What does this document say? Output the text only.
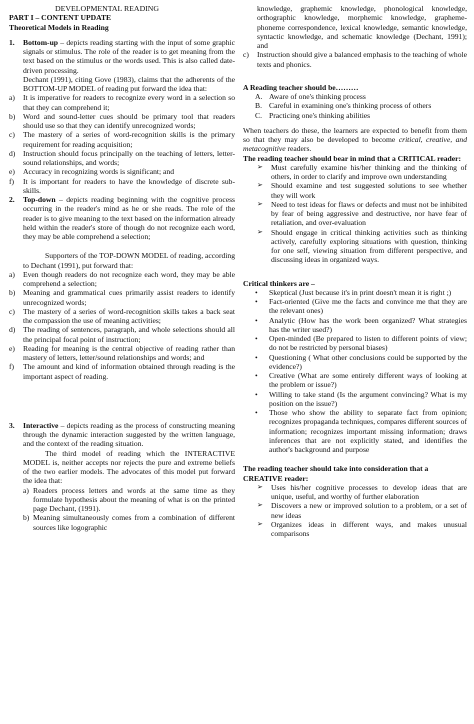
DEVELOPMENTAL READING

PART I – CONTENT UPDATE

Theoretical Models in Reading

1.	Bottom-up – depicts reading starting with the input of some graphic signals or stimulus. The role of the reader is to get meaning from the text based on the stimulus or the words used. This is also called date-driven processing.

Dechant (1991), citing Gove (1983), claims that the adherents of the BOTTOM-UP MODEL of reading put forward the idea that:

a)	It is imperative for readers to recognize every word in a selection so that they can comprehend it;
b)	Word and sound-letter cues should be primary tool that readers should use so that they can identify unrecognized words;
c)	The mastery of a series of word-recognition skills is the primary requirement for reading acquisition;
d)	Instruction should focus principally on the teaching of letters, letter-sound relationships, and words;
e)	Accuracy in recognizing words is significant; and
f)	It is important for readers to have the knowledge of discrete sub-skills.
2.	Top-down – depicts reading beginning with the cognitive process occurring in the reader's mind as he or she reads. The role of the reader is to give meaning to the text based on the information already held within the reader's store of though do not recognize each word, they may be able comprehend a selection;

Supporters of the TOP-DOWN MODEL of reading, according to Dechant (1991), put forward that:

a)	Even though readers do not recognize each word, they may be able comprehend a selection;
b)	Meaning and grammatical cues primarily assist readers to identify unrecognized words;
c)	The mastery of a series of word-recognition skills takes a back seat the compassion the use of meaning activities;
d)	The reading of sentences, paragraph, and whole selections should all the principal focal point of instruction;
e)	Reading for meaning is the central objective of reading rather than mastery of letters, letter/sound relationships and words; and
f)	The amount and kind of information obtained through reading is the important aspect of reading.
3.	Interactive – depicts reading as the process of constructing meaning through the dynamic interaction suggested by the written language, and the context of the reading situation.

The third model of reading which the INTERACTIVE MODEL is, neither accepts nor rejects the pure and extreme beliefs of the two earlier models. The advocates of this model put forward the idea that:

a) Readers process letters and words at the same time as they formulate hypothesis about the meaning of what is on the printed page Dechant, (1991).
b) Meaning simultaneously comes from a combination of different sources like logographic

knowledge, graphemic knowledge, phonological knowledge, orthographic knowledge, morphemic knowledge, grapheme-phoneme correspondence, lexical knowledge, semantic knowledge, syntactic knowledge, and schematic knowledge (Dechant, 1991); and

c)	Instruction should give a balanced emphasis to the teaching of whole texts and phonics.

A Reading teacher should be………

A. Aware of one's thinking process
B. Careful in examining one's thinking process of others
C. Practicing one's thinking abilities

When teachers do these, the learners are expected to benefit from them so that they may also be developed to become critical, creative, and metacognitive readers.

The reading teacher should bear in mind that a CRITICAL reader:

➢	Must carefully examine his/her thinking and the thinking of others, in order to clarify and improve own understanding
➢	Should examine and test suggested solutions to see whether they will work
➢	Need to test ideas for flaws or defects and must not be inhibited by fear of being aggressive and destructive, nor have fear of retaliation, and over-evaluation
➢	Should engage in critical thinking activities such as thinking actively, carefully exploring situations with question, thinking for one self, viewing situation from different perspective, and discussing ideas in organized ways.

Critical thinkers are –

•	Skeptical (Just because it's in print doesn't mean it is right ;)
•	Fact-oriented (Give me the facts and convince me that they are the relevant ones)
•	Analytic (How has the work been organized? What strategies has the writer used?)
•	Open-minded (Be prepared to listen to different points of view; do not be restricted by personal biases)
•	Questioning ( What other conclusions could be supported by the evidence?)
•	Creative (What are some entirely different ways of looking at the problem or issue?)
•	Willing to take stand (Is the argument convincing? What is my position on the issue?)
•	Those who show the ability to separate fact from opinion; recognizes propaganda techniques, compares different sources of information; recognizes important missing information; draws inferences that are not explicitly stated, and identifies the author's background and purpose

The reading teacher should take into consideration that a CREATIVE reader:

➢	Uses his/her cognitive processes to develop ideas that are unique, useful, and worthy of further elaboration
➢	Discovers a new or improved solution to a problem, or a set of new ideas
➢	Organizes ideas in different ways, and makes unusual comparisons
